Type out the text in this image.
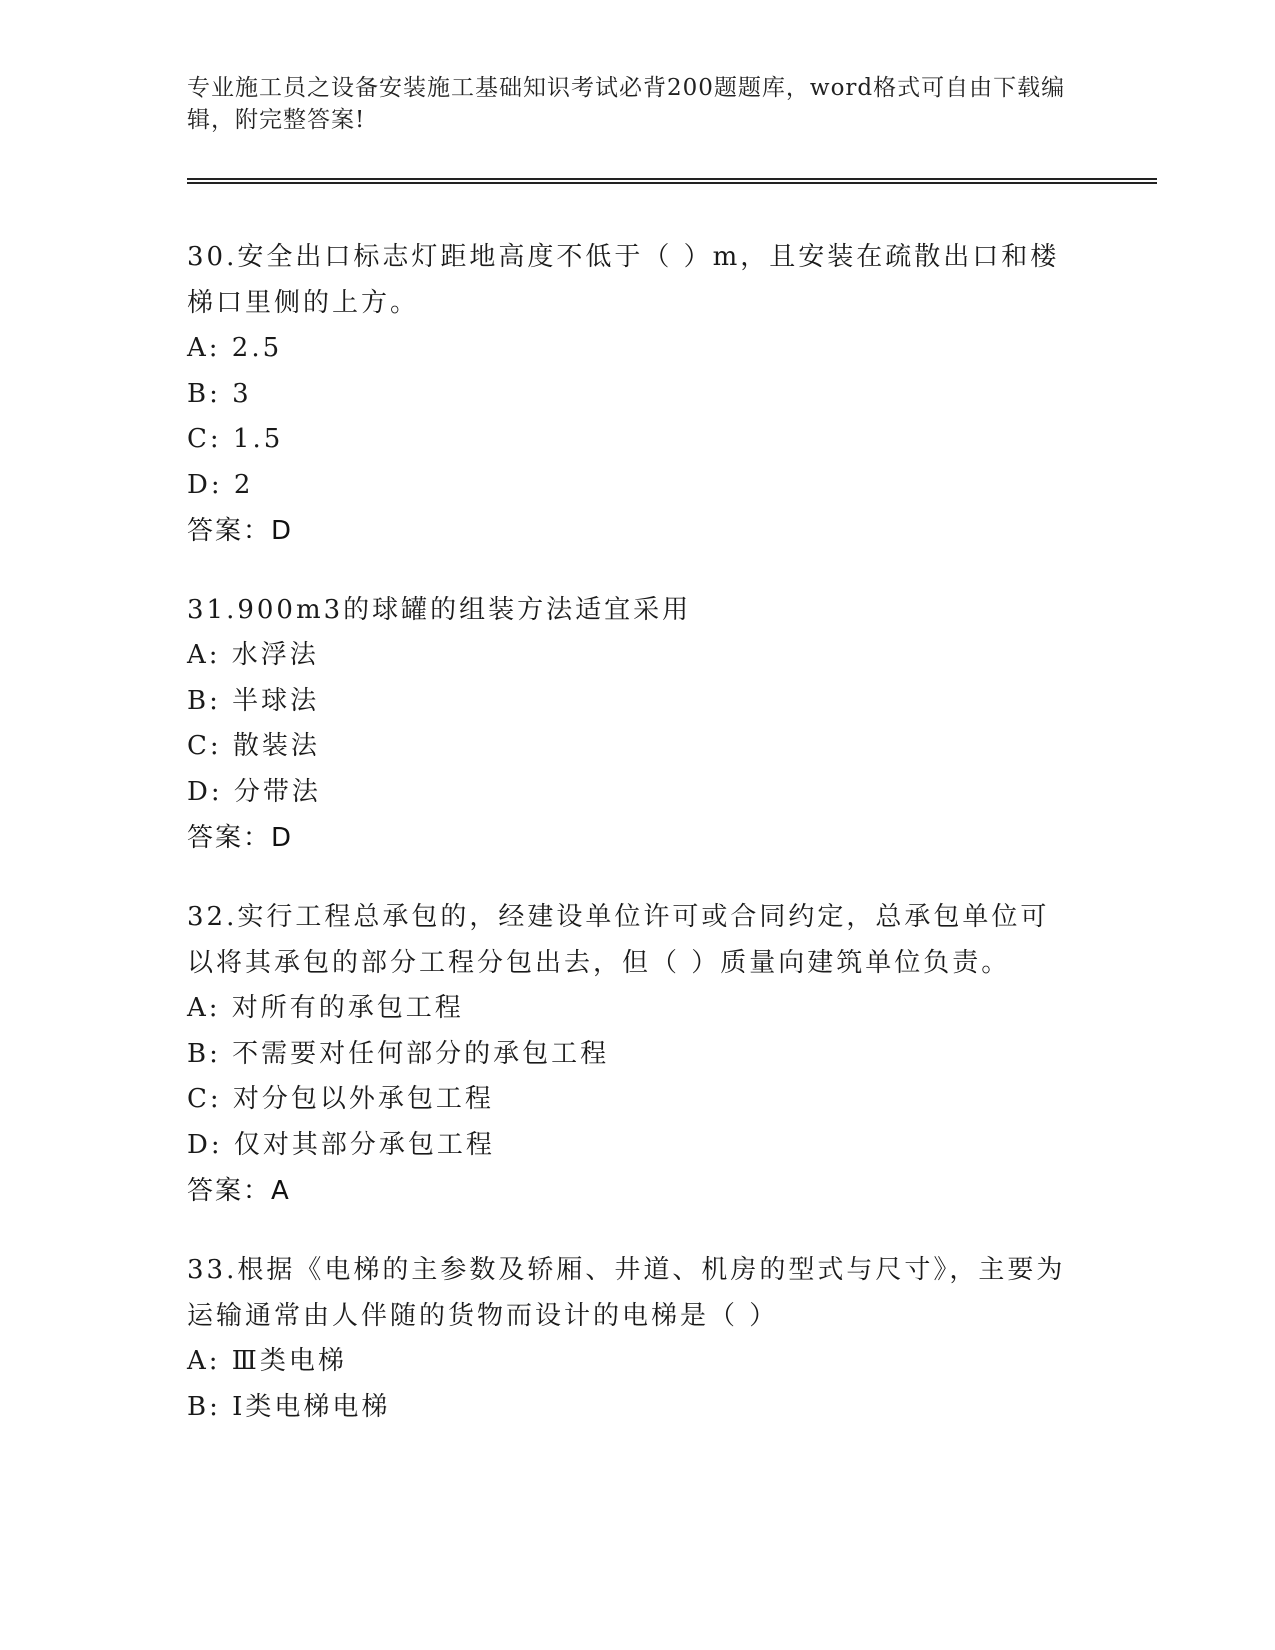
专业施工员之设备安装施工基础知识考试必背200题题库，word格式可自由下载编辑，附完整答案!
30.安全出口标志灯距地高度不低于（ ）m，且安装在疏散出口和楼梯口里侧的上方。
A: 2.5
B: 3
C: 1.5
D: 2
答案：D
31.900m3的球罐的组装方法适宜采用
A: 水浮法
B: 半球法
C: 散装法
D: 分带法
答案：D
32.实行工程总承包的，经建设单位许可或合同约定，总承包单位可以将其承包的部分工程分包出去，但（ ）质量向建筑单位负责。
A: 对所有的承包工程
B: 不需要对任何部分的承包工程
C: 对分包以外承包工程
D: 仅对其部分承包工程
答案：A
33.根据《电梯的主参数及轿厢、井道、机房的型式与尺寸》，主要为运输通常由人伴随的货物而设计的电梯是（ ）
A: Ⅲ类电梯
B: Ⅰ类电梯电梯
